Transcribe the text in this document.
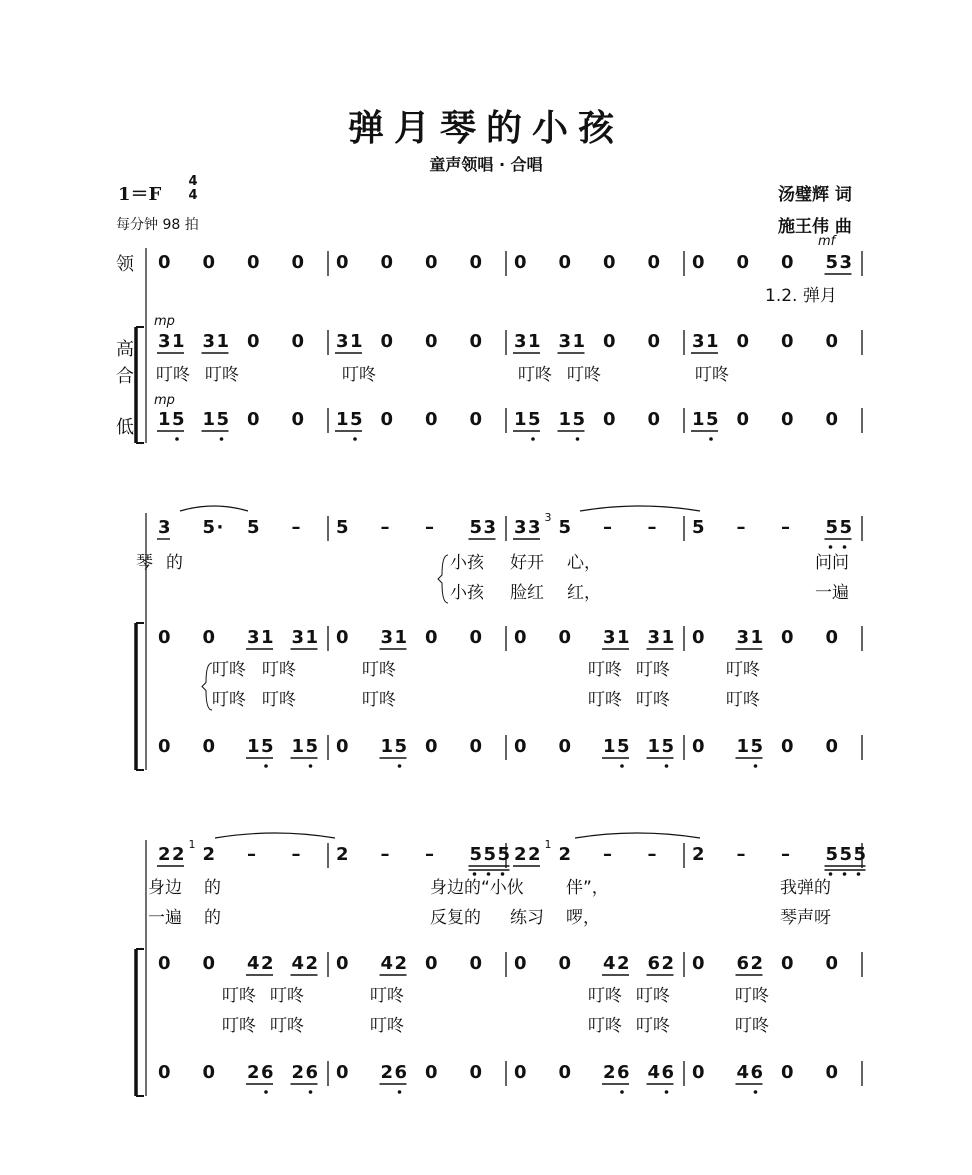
弹月琴的小孩
童声领唱 · 合唱
1＝F
4
4
每分钟 98 拍
汤璧辉 词
施王伟 曲
0 0 0 0 0 0 0 0 0 0 0 0 0 0 0 5 3
1.2. 弹月
3 1 3 1 0 0 3 1 0 0 0 3 1 3 1 0 0 3 1 0 0 0
叮咚 叮咚	叮咚	叮咚 叮咚	叮咚
1 5 1 5 0 0 1 5 0 0 0 1 5 1 5 0 0 1 5 0 0 0
3 5 · 5 – 5 – – 5 3 3 3 5
3	– – 5 – – 5 5
琴 的	小孩 好开 心，	问问
小孩 脸红 红，	一遍
0 0 3 1 3 1 0 3 1 0 0 0 0 3 1 3 1 0 3 1 0 0
叮咚 叮咚	叮咚	叮咚 叮咚	叮咚
叮咚 叮咚	叮咚	叮咚 叮咚	叮咚
0 0 1 5 1 5 0 1 5 0 0 0 0 1 5 1 5 0 1 5 0 0
2 2 2
1	– – 2 – – 5 5 5 2 2 2
1	– – 2 – – 5 5 5
身边 的	身边的“小伙 伴”，	我弹的
一遍 的	反复的 练习 啰，	琴声呀
0 0 4 2 4 2 0 4 2 0 0 0 0 4 2 6 2 0 6 2 0 0
叮咚 叮咚	叮咚	叮咚 叮咚	叮咚
叮咚 叮咚	叮咚	叮咚 叮咚	叮咚
0 0 2 6 2 6 0 2 6 0 0 0 0 2 6 4 6 0 4 6 0 0
领
高
合
低
mf
mp
mp
